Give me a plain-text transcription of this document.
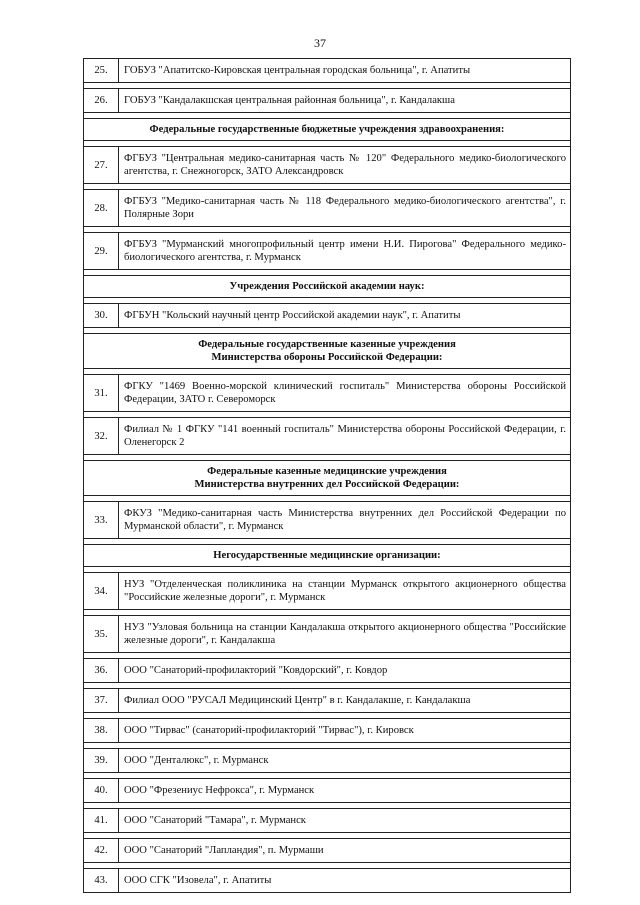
37
25.	ГОБУЗ "Апатитско-Кировская центральная городская больница", г. Апатиты

26.	ГОБУЗ "Кандалакшская центральная районная больница", г. Кандалакша

Федеральные государственные бюджетные учреждения здравоохранения:	

27.	ФГБУЗ "Центральная медико-санитарная часть № 120" Федерального медико-биологического агентства, г. Снежногорск, ЗАТО Александровск

28.	ФГБУЗ "Медико-санитарная часть № 118 Федерального медико-биологического агентства", г. Полярные Зори

29.	ФГБУЗ "Мурманский многопрофильный центр имени Н.И. Пирогова" Федерального медико-биологического агентства, г. Мурманск

Учреждения Российской академии наук:	

30.	ФГБУН "Кольский научный центр Российской академии наук", г. Апатиты

Федеральные государственные казенные учреждения
Министерства обороны Российской Федерации:	

31.	ФГКУ "1469 Военно-морской клинический госпиталь" Министерства обороны Российской Федерации, ЗАТО г. Североморск

32.	Филиал № 1 ФГКУ "141 военный госпиталь" Министерства обороны Российской Федерации, г. Оленегорск 2

Федеральные казенные медицинские учреждения
Министерства внутренних дел Российской Федерации:	

33.	ФКУЗ "Медико-санитарная часть Министерства внутренних дел Российской Федерации по Мурманской области", г. Мурманск

Негосударственные медицинские организации:	

34.	НУЗ "Отделенческая поликлиника на станции Мурманск открытого акционерного общества "Российские железные дороги", г. Мурманск

35.	НУЗ "Узловая больница на станции Кандалакша открытого акционерного общества "Российские железные дороги", г. Кандалакша

36.	ООО "Санаторий-профилакторий "Ковдорский", г. Ковдор

37.	Филиал ООО "РУСАЛ Медицинский Центр" в г. Кандалакше, г. Кандалакша

38.	ООО "Тирвас" (санаторий-профилакторий "Тирвас"), г. Кировск

39.	ООО "Денталюкс", г. Мурманск

40.	ООО "Фрезениус Нефрокса", г. Мурманск

41.	ООО "Санаторий "Тамара", г. Мурманск

42.	ООО "Санаторий "Лапландия", п. Мурмаши

43.	ООО СГК "Изовела", г. Апатиты
